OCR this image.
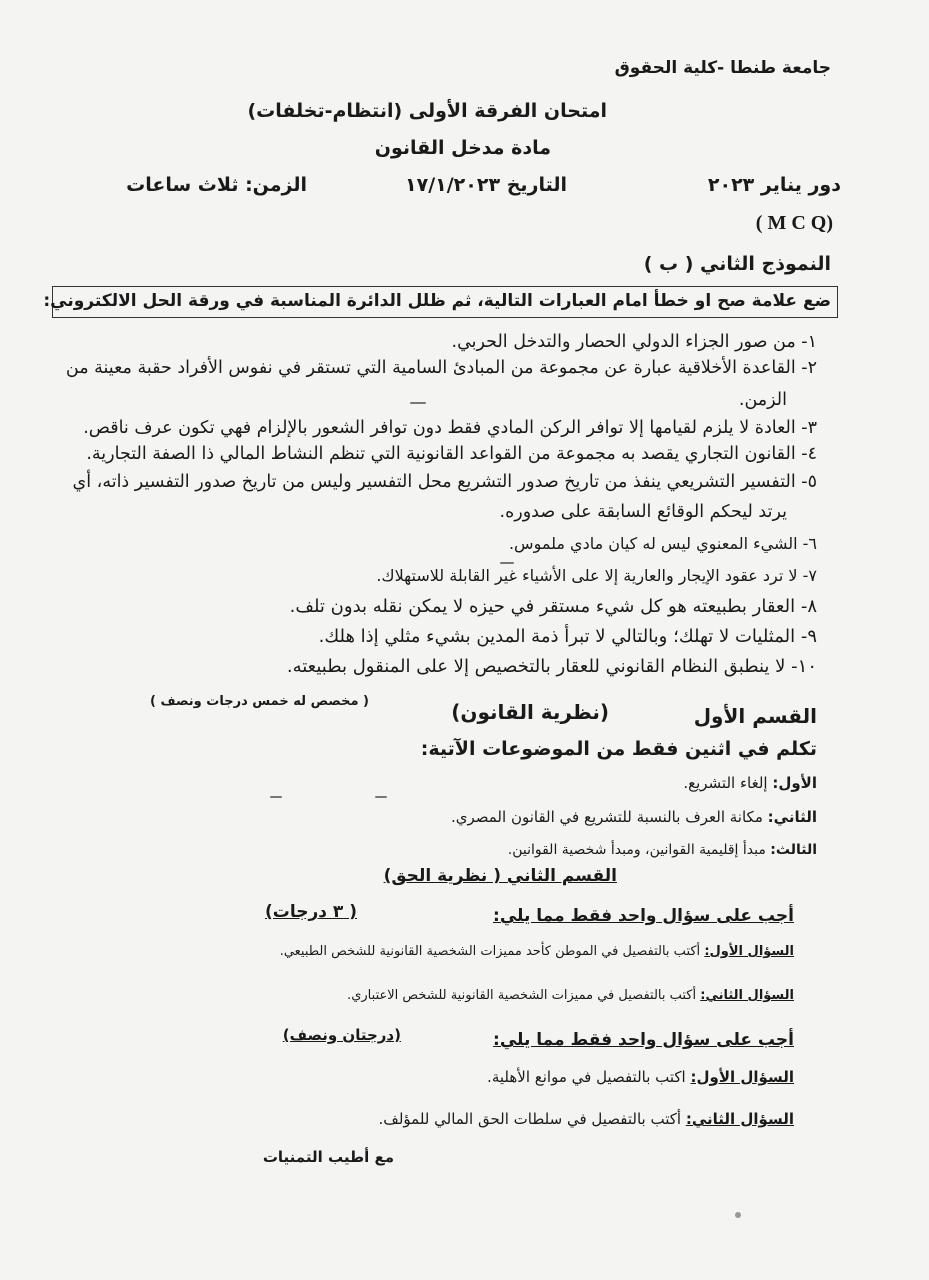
جامعة طنطا -كلية الحقوق
امتحان الفرقة الأولى (انتظام-تخلفات)
مادة مدخل القانون
دور يناير ٢٠٢٣
التاريخ ١٧/١/٢٠٢٣
الزمن: ثلاث ساعات
( M C Q)
النموذج الثاني ( ب )
ضع علامة صح او خطأ امام العبارات التالية، ثم ظلل الدائرة المناسبة في ورقة الحل الالكتروني:
١- من صور الجزاء الدولي الحصار والتدخل الحربي.
٢- القاعدة الأخلاقية عبارة عن مجموعة من المبادئ السامية التي تستقر في نفوس الأفراد حقبة معينة من
الزمن.
٣- العادة لا يلزم لقيامها إلا توافر الركن المادي فقط دون توافر الشعور بالإلزام فهي تكون عرف ناقص.
٤- القانون التجاري يقصد به مجموعة من القواعد القانونية التي تنظم النشاط المالي ذا الصفة التجارية.
٥- التفسير التشريعي ينفذ من تاريخ صدور التشريع محل التفسير وليس من تاريخ صدور التفسير ذاته، أي
يرتد ليحكم الوقائع السابقة على صدوره.
٦- الشيء المعنوي ليس له كيان مادي ملموس.
٧- لا ترد عقود الإيجار والعارية إلا على الأشياء غير القابلة للاستهلاك.
٨- العقار بطبيعته هو كل شيء مستقر في حيزه لا يمكن نقله بدون تلف.
٩- المثليات لا تهلك؛ وبالتالي لا تبرأ ذمة المدين بشيء مثلي إذا هلك.
١٠- لا ينطبق النظام القانوني للعقار بالتخصيص إلا على المنقول بطبيعته.
( مخصص له خمس درجات ونصف )
القسم الأول
(نظرية القانون)
تكلم في اثنين فقط من الموضوعات الآتية:
الأول: إلغاء التشريع.
الثاني: مكانة العرف بالنسبة للتشريع في القانون المصري.
الثالث: مبدأ إقليمية القوانين، ومبدأ شخصية القوانين.
القسم الثاني ( نظرية الحق)
أجب على سؤال واحد فقط مما يلي:
( ٣ درجات)
السؤال الأول: أكتب بالتفصيل في الموطن كأحد مميزات الشخصية القانونية للشخص الطبيعي.
السؤال الثاني: أكتب بالتفصيل في مميزات الشخصية القانونية للشخص الاعتباري.
أجب على سؤال واحد فقط مما يلي:
(درجتان ونصف)
السؤال الأول: اكتب بالتفصيل في موانع الأهلية.
السؤال الثاني: أكتب بالتفصيل في سلطات الحق المالي للمؤلف.
مع أطيب التمنيات
